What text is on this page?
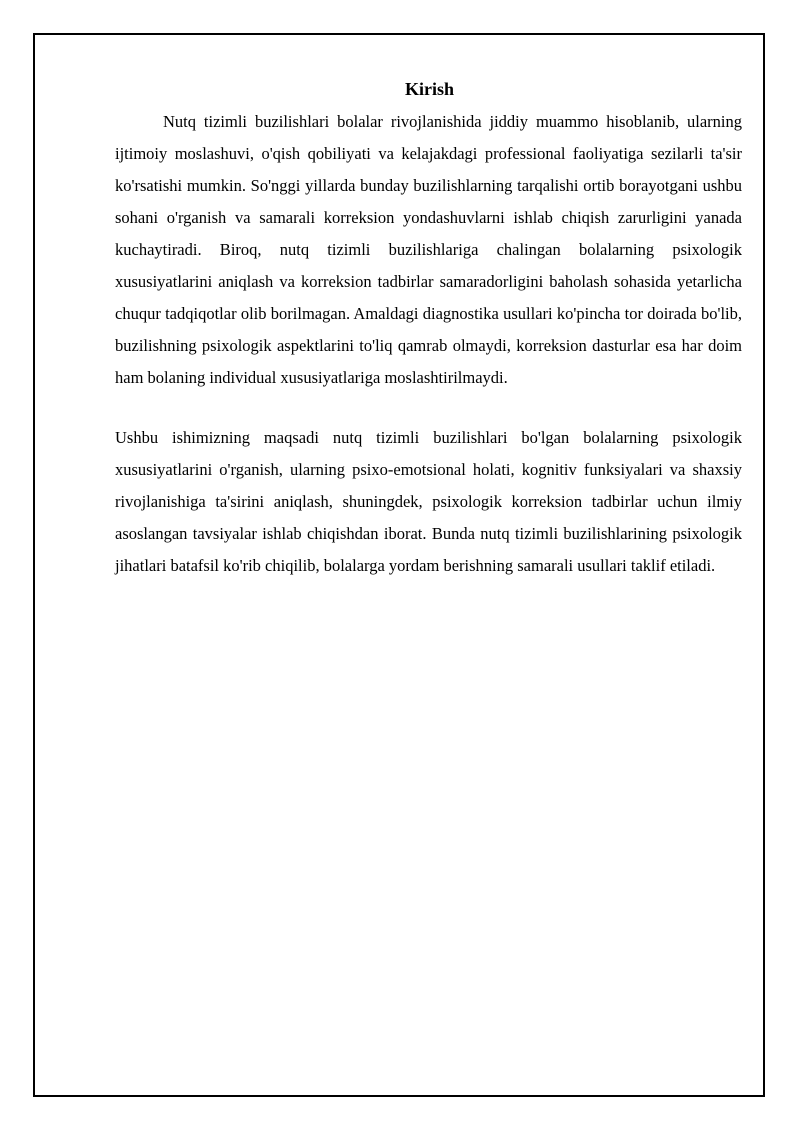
Kirish

Nutq tizimli buzilishlari bolalar rivojlanishida jiddiy muammo hisoblanib, ularning ijtimoiy moslashuvi, o'qish qobiliyati va kelajakdagi professional faoliyatiga sezilarli ta'sir ko'rsatishi mumkin. So'nggi yillarda bunday buzilishlarning tarqalishi ortib borayotgani ushbu sohani o'rganish va samarali korreksion yondashuvlarni ishlab chiqish zarurligini yanada kuchaytiradi. Biroq, nutq tizimli buzilishlariga chalingan bolalarning psixologik xususiyatlarini aniqlash va korreksion tadbirlar samaradorligini baholash sohasida yetarlicha chuqur tadqiqotlar olib borilmagan. Amaldagi diagnostika usullari ko'pincha tor doirada bo'lib, buzilishning psixologik aspektlarini to'liq qamrab olmaydi, korreksion dasturlar esa har doim ham bolaning individual xususiyatlariga moslashtirilmaydi.

Ushbu ishimizning maqsadi nutq tizimli buzilishlari bo'lgan bolalarning psixologik xususiyatlarini o'rganish, ularning psixo-emotsional holati, kognitiv funksiyalari va shaxsiy rivojlanishiga ta'sirini aniqlash, shuningdek, psixologik korreksion tadbirlar uchun ilmiy asoslangan tavsiyalar ishlab chiqishdan iborat. Bunda nutq tizimli buzilishlarining psixologik jihatlari batafsil ko'rib chiqilib, bolalarga yordam berishning samarali usullari taklif etiladi.
